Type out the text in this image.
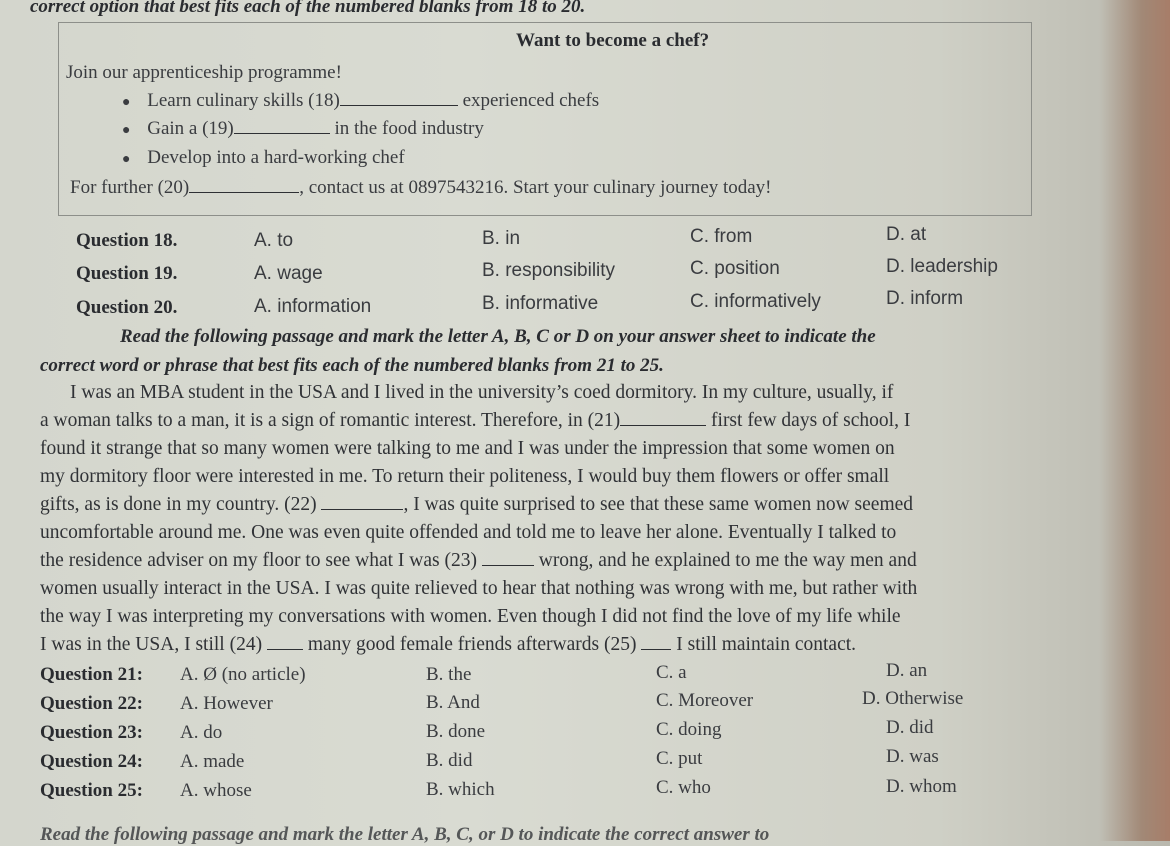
correct option that best fits each of the numbered blanks from 18 to 20.
Want to become a chef?
Join our apprenticeship programme!
● Learn culinary skills (18)	experienced chefs
● Gain a (19)	in the food industry
● Develop into a hard-working chef
For further (20)	, contact us at 0897543216. Start your culinary journey today!
Question 18.	A. to	B. in	C. from	D. at
Question 19.	A. wage	B. responsibility	C. position	D. leadership
Question 20.	A. information	B. informative	C. informatively	D. inform
Read the following passage and mark the letter A, B, C or D on your answer sheet to indicate the
correct word or phrase that best fits each of the numbered blanks from 21 to 25.
I was an MBA student in the USA and I lived in the university’s coed dormitory. In my culture, usually, if
a woman talks to a man, it is a sign of romantic interest. Therefore, in (21)	first few days of school, I
found it strange that so many women were talking to me and I was under the impression that some women on
my dormitory floor were interested in me. To return their politeness, I would buy them flowers or offer small
gifts, as is done in my country. (22)	, I was quite surprised to see that these same women now seemed
uncomfortable around me. One was even quite offended and told me to leave her alone. Eventually I talked to
the residence adviser on my floor to see what I was (23)	wrong, and he explained to me the way men and
women usually interact in the USA. I was quite relieved to hear that nothing was wrong with me, but rather with
the way I was interpreting my conversations with women. Even though I did not find the love of my life while
I was in the USA, I still (24)  many good female friends afterwards (25)  I still maintain contact.
Question 21: A. Ø (no article)	B. the	C. a	D. an
Question 22: A. However	B. And	C. Moreover	D. Otherwise
Question 23: A. do	B. done	C. doing	D. did
Question 24: A. made	B. did	C. put	D. was
Question 25: A. whose	B. which	C. who	D. whom
Read the following passage and mark the letter A, B, C, or D to indicate the correct answer to
